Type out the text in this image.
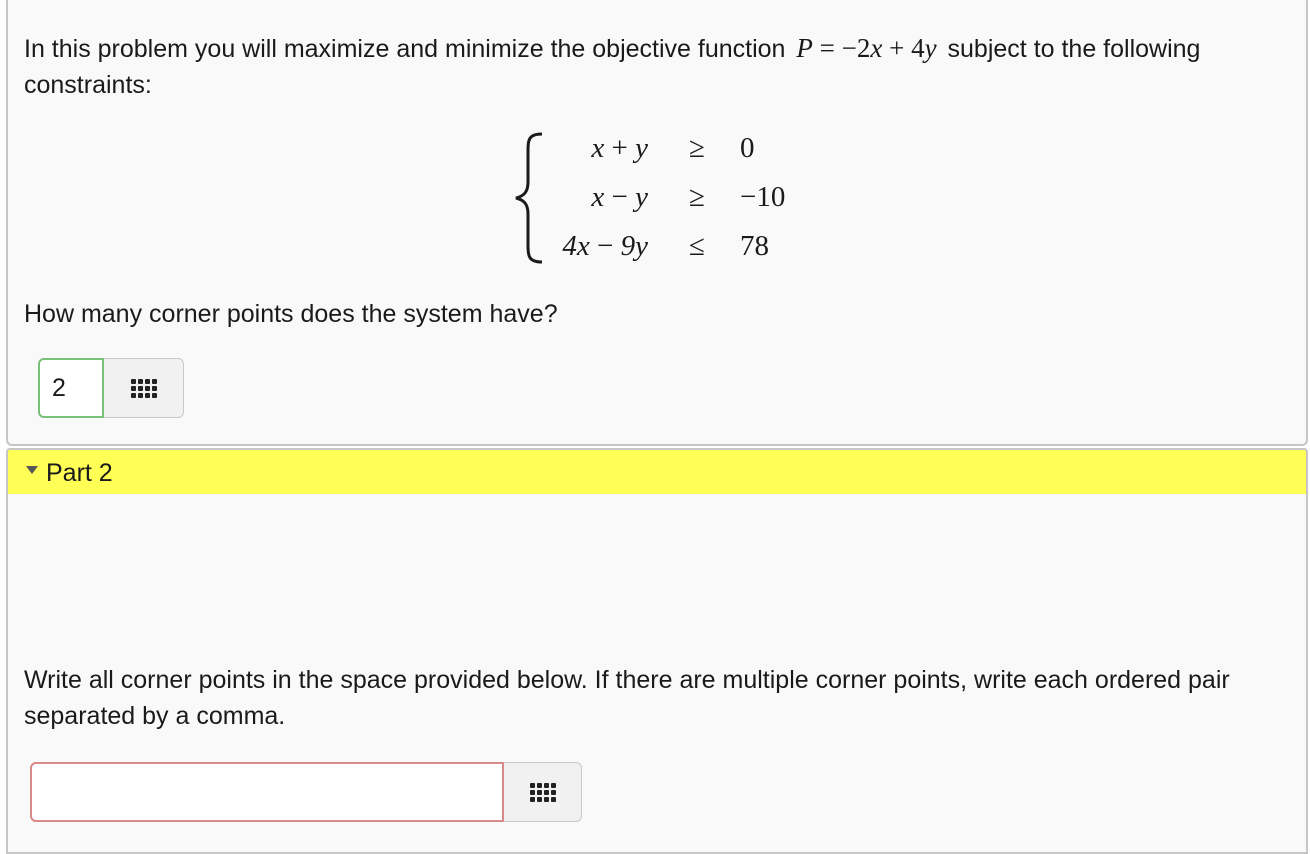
In this problem you will maximize and minimize the objective function P = −2x + 4y subject to the following constraints:

x + y ≥ 0
x − y ≥ −10
4x − 9y ≤ 78

How many corner points does the system have?

2
Part 2

Write all corner points in the space provided below. If there are multiple corner points, write each ordered pair separated by a comma.
